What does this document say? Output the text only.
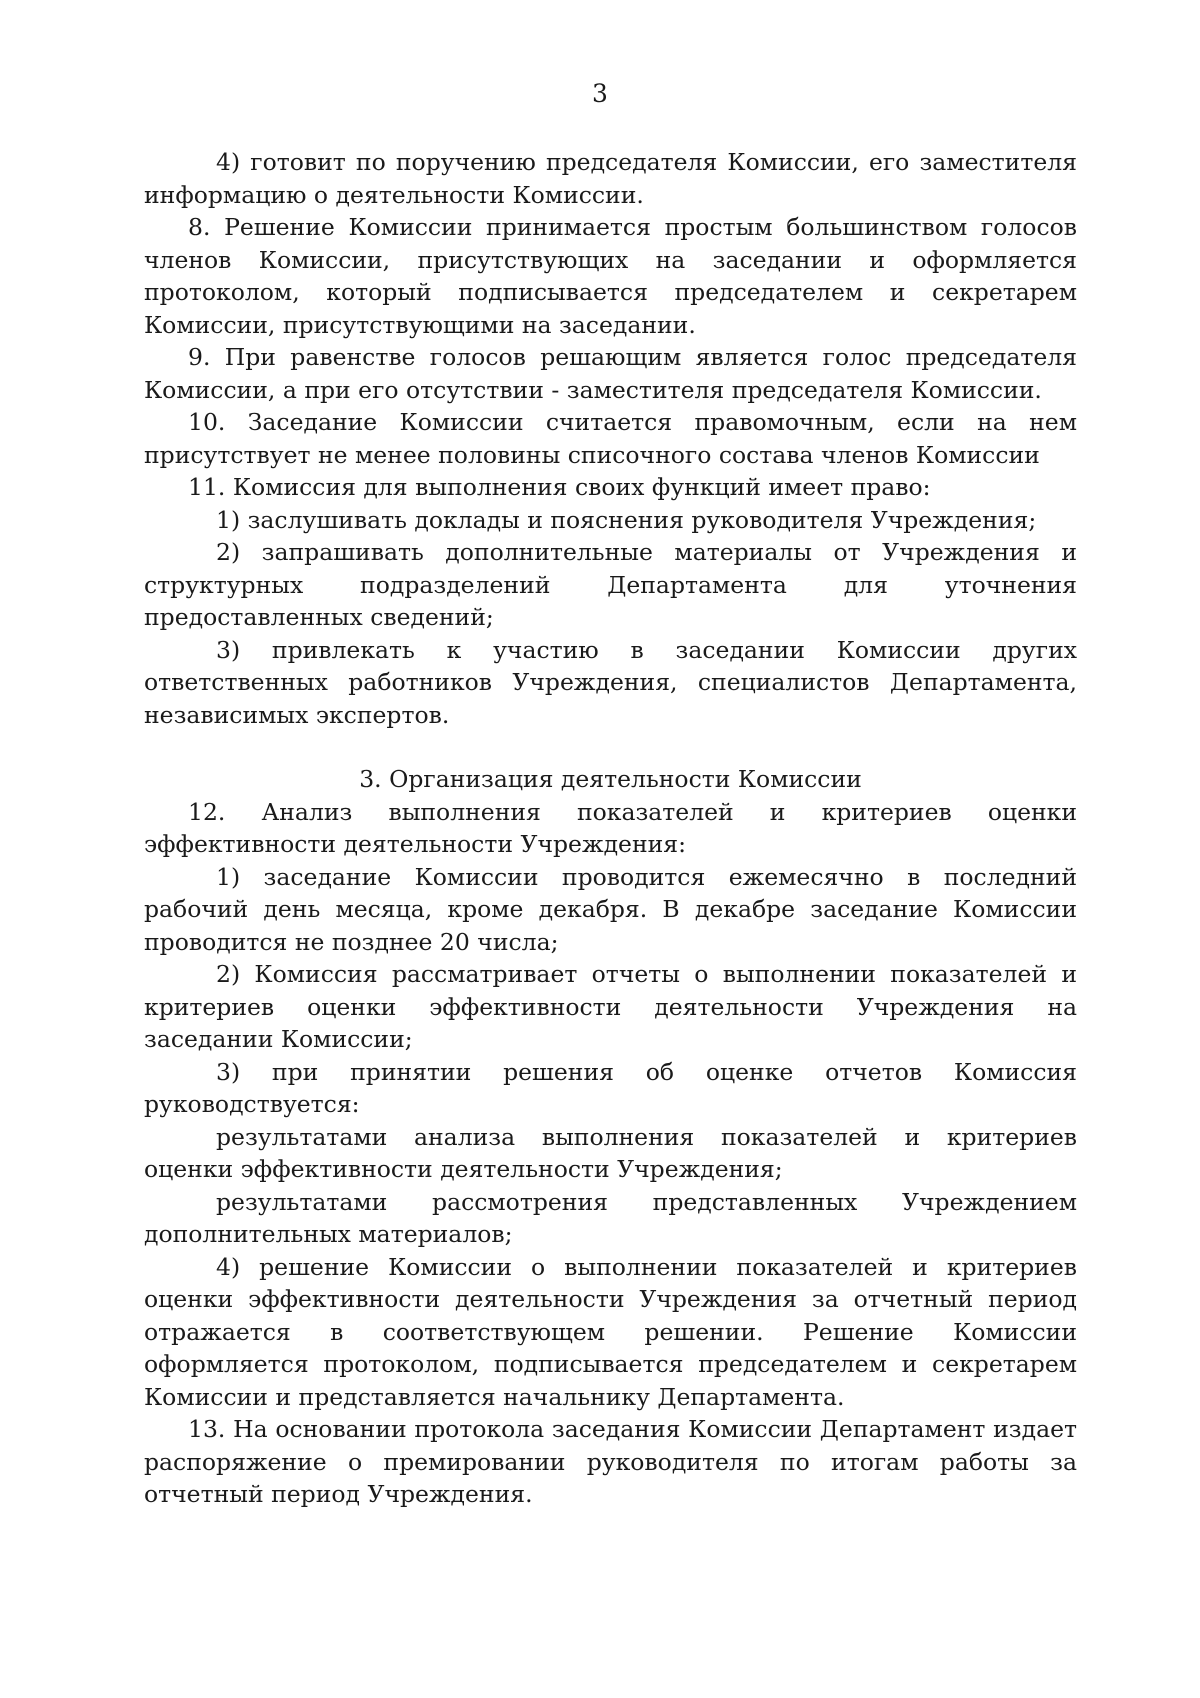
3

4) готовит по поручению председателя Комиссии, его заместителя информацию о деятельности Комиссии.

8. Решение Комиссии принимается простым большинством голосов членов Комиссии, присутствующих на заседании и оформляется протоколом, который подписывается председателем и секретарем Комиссии, присутствующими на заседании.

9. При равенстве голосов решающим является голос председателя Комиссии, а при его отсутствии - заместителя председателя Комиссии.

10. Заседание Комиссии считается правомочным, если на нем присутствует не менее половины списочного состава членов Комиссии

11. Комиссия для выполнения своих функций имеет право:

1) заслушивать доклады и пояснения руководителя Учреждения;

2) запрашивать дополнительные материалы от Учреждения и структурных подразделений Департамента для уточнения предоставленных сведений;

3) привлекать к участию в заседании Комиссии других ответственных работников Учреждения, специалистов Департамента, независимых экспертов.

3. Организация деятельности Комиссии

12. Анализ выполнения показателей и критериев оценки эффективности деятельности Учреждения:

1) заседание Комиссии проводится ежемесячно в последний рабочий день месяца, кроме декабря. В декабре заседание Комиссии проводится не позднее 20 числа;

2) Комиссия рассматривает отчеты о выполнении показателей и критериев оценки эффективности деятельности Учреждения на заседании Комиссии;

3) при принятии решения об оценке отчетов Комиссия руководствуется:

результатами анализа выполнения показателей и критериев оценки эффективности деятельности Учреждения;

результатами рассмотрения представленных Учреждением дополнительных материалов;

4) решение Комиссии о выполнении показателей и критериев оценки эффективности деятельности Учреждения за отчетный период отражается в соответствующем решении. Решение Комиссии оформляется протоколом, подписывается председателем и секретарем Комиссии и представляется начальнику Департамента.

13. На основании протокола заседания Комиссии Департамент издает распоряжение о премировании руководителя по итогам работы за отчетный период Учреждения.
